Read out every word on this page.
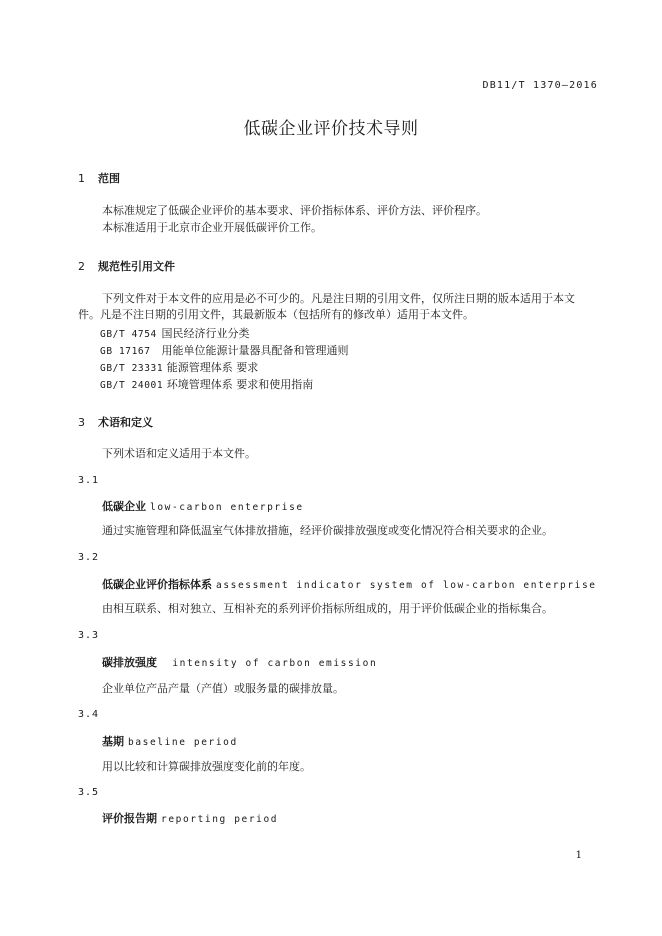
DB11/T 1370—2016
低碳企业评价技术导则
1 范围
本标准规定了低碳企业评价的基本要求、评价指标体系、评价方法、评价程序。
本标准适用于北京市企业开展低碳评价工作。
2 规范性引用文件
下列文件对于本文件的应用是必不可少的。凡是注日期的引用文件，仅所注日期的版本适用于本文
件。凡是不注日期的引用文件，其最新版本（包括所有的修改单）适用于本文件。
GB/T 4754 国民经济行业分类
GB 17167 用能单位能源计量器具配备和管理通则
GB/T 23331 能源管理体系 要求
GB/T 24001 环境管理体系 要求和使用指南
3 术语和定义
下列术语和定义适用于本文件。
3.1
低碳企业 low-carbon enterprise
通过实施管理和降低温室气体排放措施，经评价碳排放强度或变化情况符合相关要求的企业。
3.2
低碳企业评价指标体系 assessment indicator system of low-carbon enterprise
由相互联系、相对独立、互相补充的系列评价指标所组成的，用于评价低碳企业的指标集合。
3.3
碳排放强度 intensity of carbon emission
企业单位产品产量（产值）或服务量的碳排放量。
3.4
基期 baseline period
用以比较和计算碳排放强度变化前的年度。
3.5
评价报告期 reporting period
1
